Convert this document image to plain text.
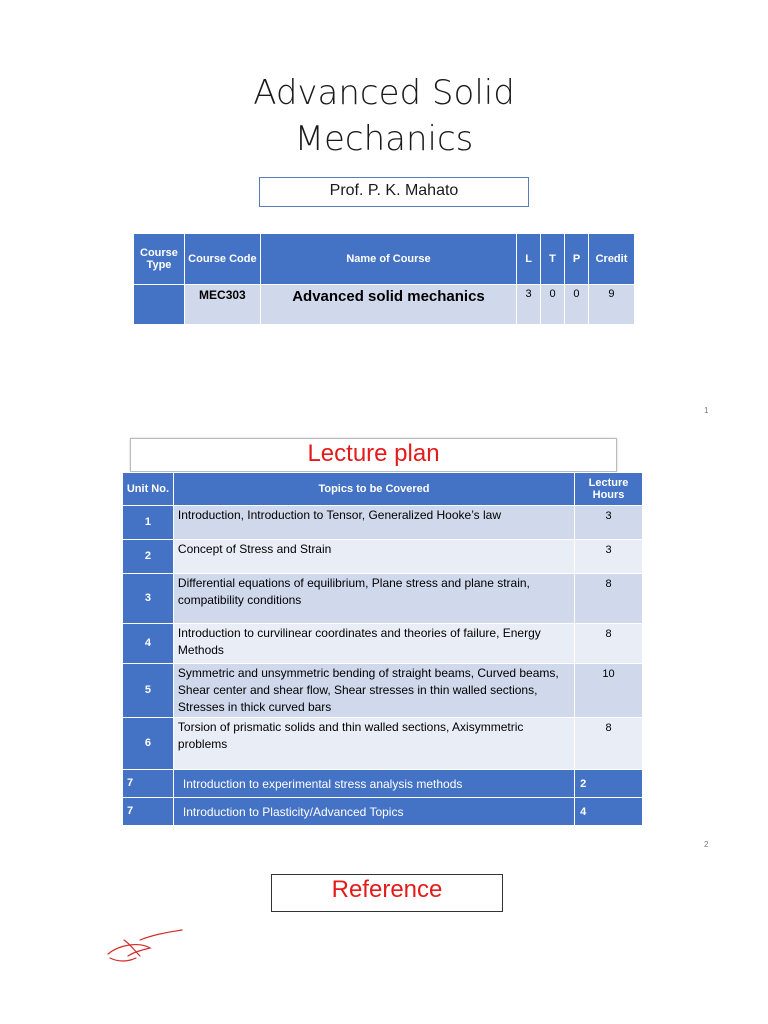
Advanced Solid
Mechanics
Prof. P. K. Mahato
Course Type	Course Code	Name of Course	L	T	P	Credit
	MEC303	Advanced solid mechanics	3	0	0	9
1
Lecture plan
Unit No.	Topics to be Covered	Lecture Hours
1	Introduction, Introduction to Tensor, Generalized Hooke’s law	3
2	Concept of Stress and Strain	3
3	Differential equations of equilibrium, Plane stress and plane strain, compatibility conditions	8
4	Introduction to curvilinear coordinates and theories of failure, Energy Methods	8
5	Symmetric and unsymmetric bending of straight beams, Curved beams, Shear center and shear flow, Shear stresses in thin walled sections, Stresses in thick curved bars	10
6	Torsion of prismatic solids and thin walled sections, Axisymmetric problems	8
7	Introduction to experimental stress analysis methods	2
7	Introduction to Plasticity/Advanced Topics	4
2
Reference
